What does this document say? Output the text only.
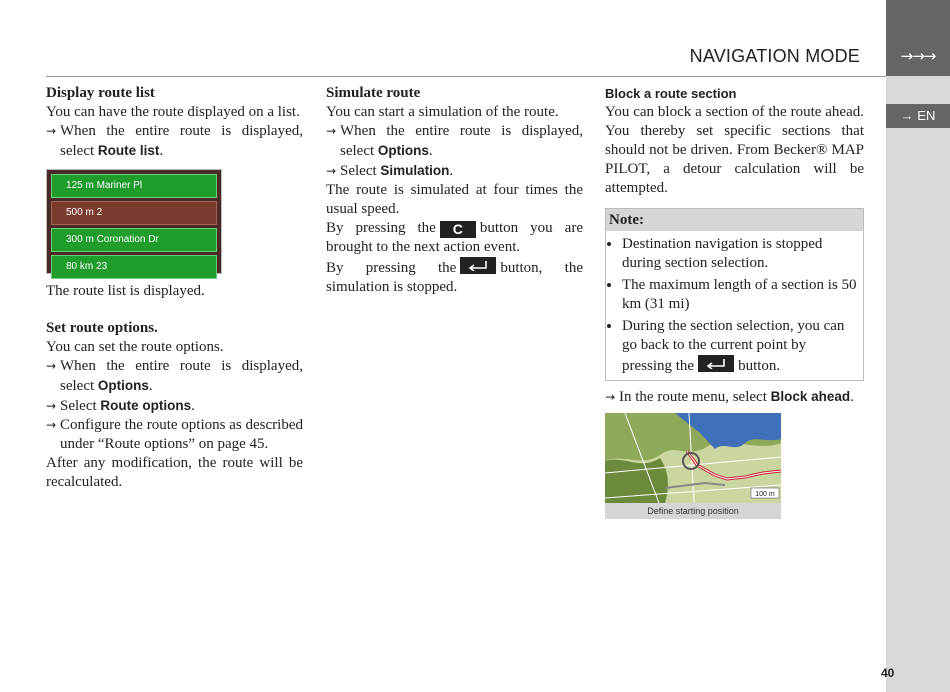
→→→
→ EN
NAVIGATION MODE

Display route list

You can have the route displayed on a list.

→ When the entire route is displayed, select Route list.

125 m Mariner Pl
500 m 2
300 m Coronation Dr
80 km 23

The route list is displayed.

Set route options.

You can set the route options.

→ When the entire route is displayed, select Options.

→ Select Route options.

→ Configure the route options as described under “Route options” on page 45.

After any modification, the route will be recalculated.

Simulate route

You can start a simulation of the route.

→ When the entire route is displayed, select Options.

→ Select Simulation.

The route is simulated at four times the usual speed.

By pressing the C button you are brought to the next action event.

By pressing the	button, the simulation is stopped.

Block a route section

You can block a section of the route ahead. You thereby set specific sections that should not be driven. From Becker® MAP PILOT, a detour calculation will be attempted.

Note:
• Destination navigation is stopped during section selection.
• The maximum length of a section is 50 km (31 mi)
• During the section selection, you can go back to the current point by pressing the	button.

→ In the route menu, select Block ahead.

100 m
Define starting position
40
